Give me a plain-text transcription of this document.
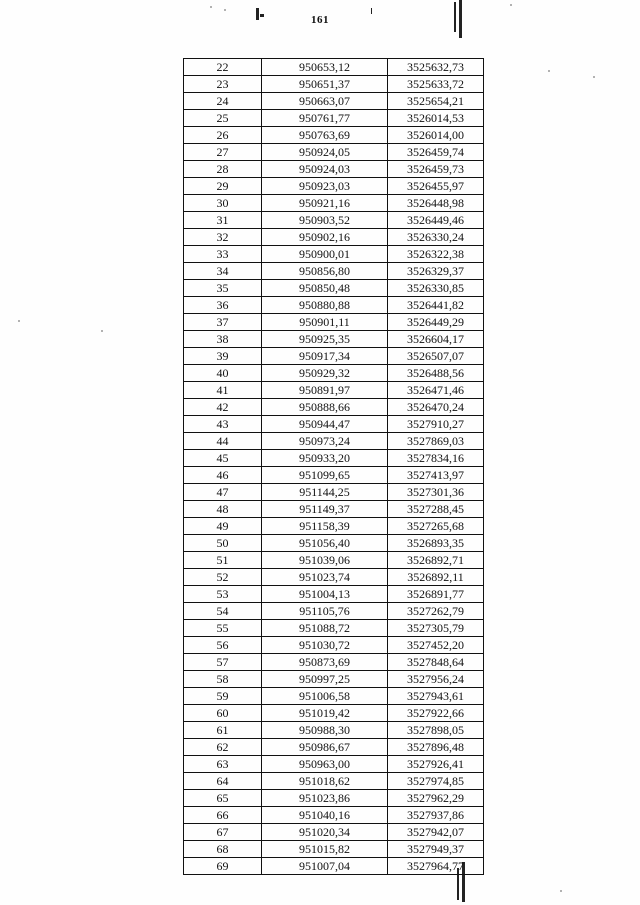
161
22	950653,12	3525632,73
23	950651,37	3525633,72
24	950663,07	3525654,21
25	950761,77	3526014,53
26	950763,69	3526014,00
27	950924,05	3526459,74
28	950924,03	3526459,73
29	950923,03	3526455,97
30	950921,16	3526448,98
31	950903,52	3526449,46
32	950902,16	3526330,24
33	950900,01	3526322,38
34	950856,80	3526329,37
35	950850,48	3526330,85
36	950880,88	3526441,82
37	950901,11	3526449,29
38	950925,35	3526604,17
39	950917,34	3526507,07
40	950929,32	3526488,56
41	950891,97	3526471,46
42	950888,66	3526470,24
43	950944,47	3527910,27
44	950973,24	3527869,03
45	950933,20	3527834,16
46	951099,65	3527413,97
47	951144,25	3527301,36
48	951149,37	3527288,45
49	951158,39	3527265,68
50	951056,40	3526893,35
51	951039,06	3526892,71
52	951023,74	3526892,11
53	951004,13	3526891,77
54	951105,76	3527262,79
55	951088,72	3527305,79
56	951030,72	3527452,20
57	950873,69	3527848,64
58	950997,25	3527956,24
59	951006,58	3527943,61
60	951019,42	3527922,66
61	950988,30	3527898,05
62	950986,67	3527896,48
63	950963,00	3527926,41
64	951018,62	3527974,85
65	951023,86	3527962,29
66	951040,16	3527937,86
67	951020,34	3527942,07
68	951015,82	3527949,37
69	951007,04	3527964,77
